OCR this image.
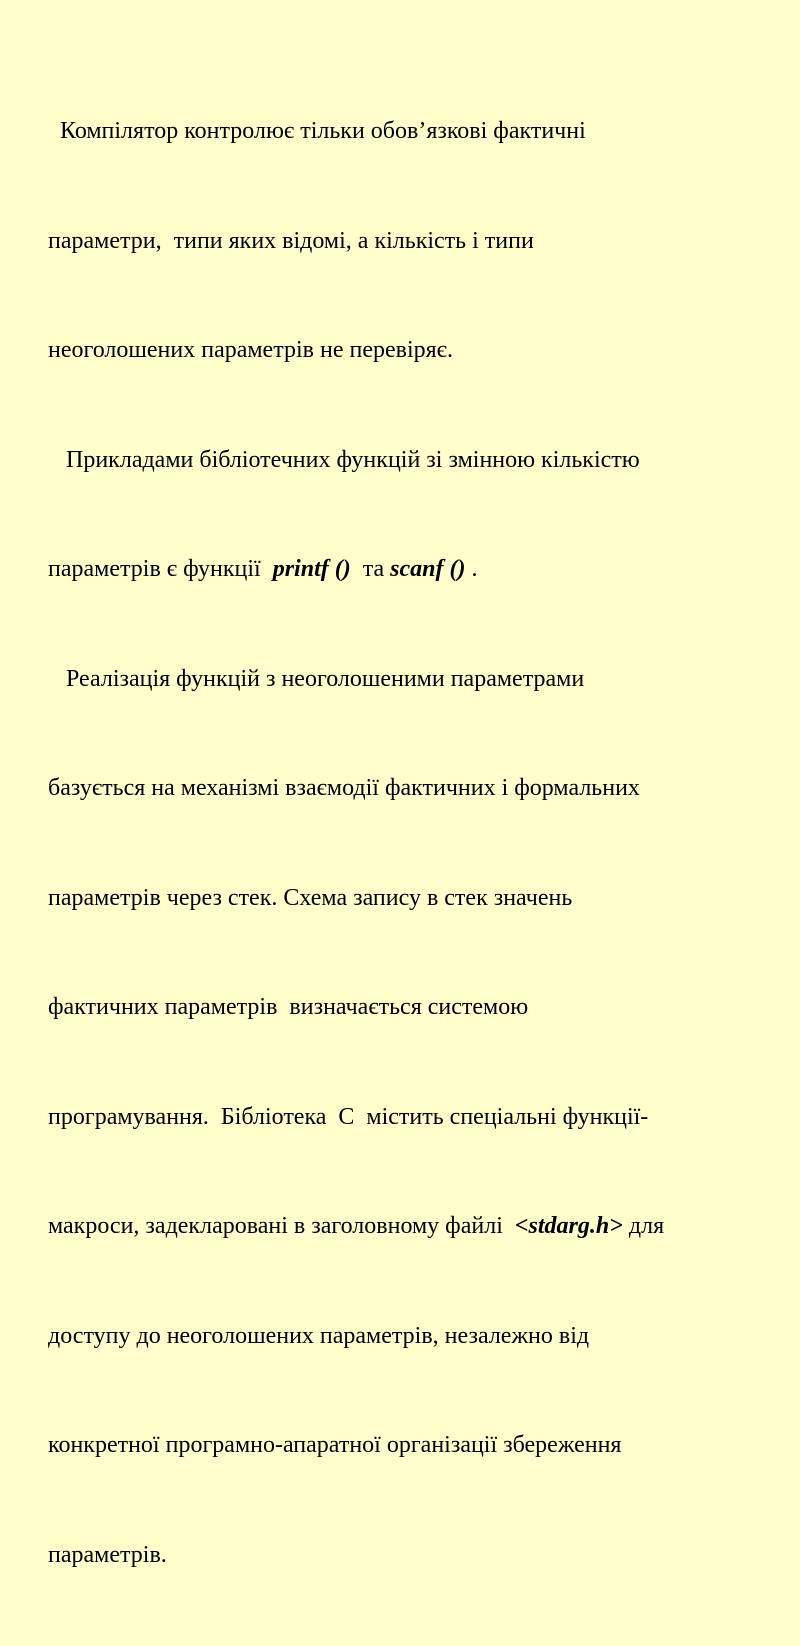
Компілятор контролює тільки обов’язкові фактичні

параметри,  типи яких відомі, а кількість і типи

неоголошених параметрів не перевіряє.

Прикладами бібліотечних функцій зі змінною кількістю

параметрів є функції  printf ()  та scanf () .

Реалізація функцій з неоголошеними параметрами

базується на механізмі взаємодії фактичних і формальних

параметрів через стек. Схема запису в стек значень

фактичних параметрів  визначається системою

програмування.  Бібліотека  С  містить спеціальні функції-

макроси, задекларовані в заголовному файлі  <stdarg.h> для

доступу до неоголошених параметрів, незалежно від

конкретної програмно-апаратної організації збереження

параметрів.
